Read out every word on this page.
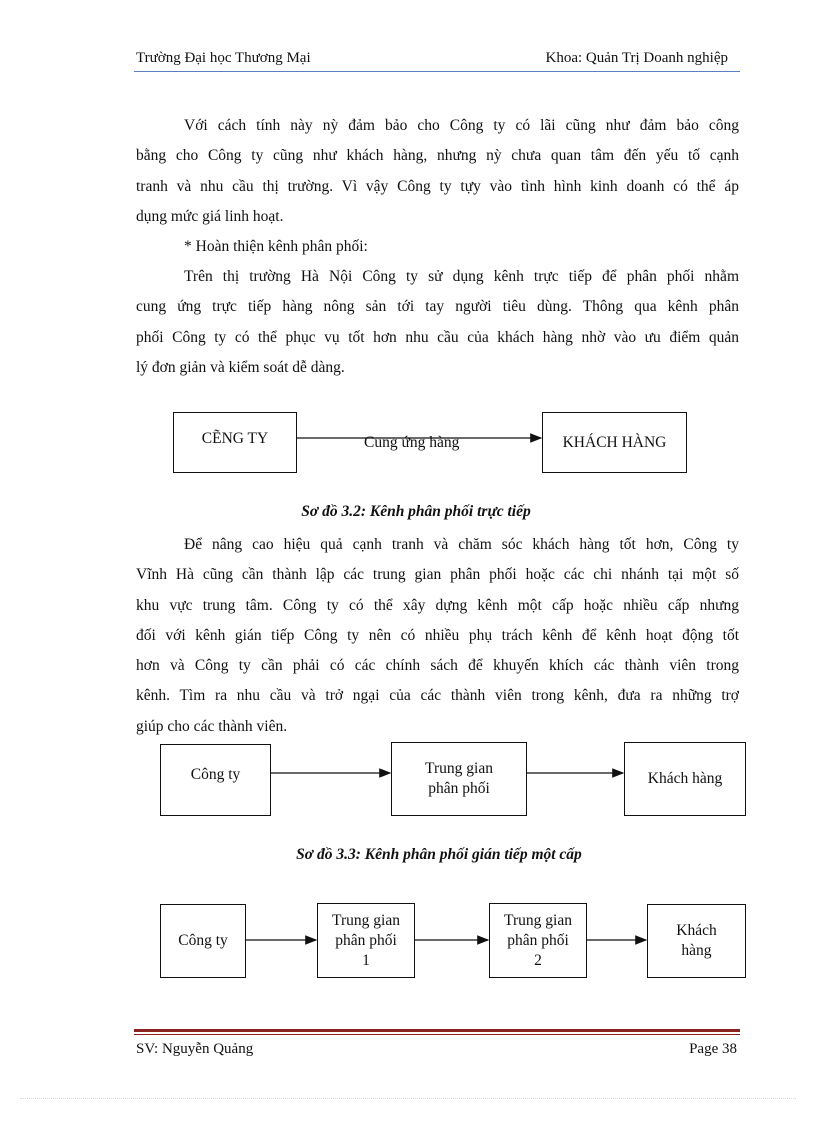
Trường Đại học Thương Mại	Khoa: Quản Trị Doanh nghiệp
Với cách tính này nỳ đảm bảo cho Công ty có lãi cũng như đảm bảo công
bằng cho Công ty cũng như khách hàng, nhưng nỳ chưa quan tâm đến yếu tố cạnh
tranh và nhu cầu thị trường. Vì vậy Công ty tựy vào tình hình kinh doanh có thể áp
dụng mức giá linh hoạt.
* Hoàn thiện kênh phân phối:
Trên thị trường Hà Nội Công ty sử dụng kênh trực tiếp để phân phối nhằm
cung ứng trực tiếp hàng nông sản tới tay người tiêu dùng. Thông qua kênh phân
phối Công ty có thể phục vụ tốt hơn nhu cầu của khách hàng nhờ vào ưu điểm quản
lý đơn giản và kiểm soát dễ dàng.
CẼNG TY	Cung ứng hàng	KHÁCH HÀNG
Sơ đồ 3.2: Kênh phân phối trực tiếp
Để nâng cao hiệu quả cạnh tranh và chăm sóc khách hàng tốt hơn, Công ty
Vĩnh Hà cũng cần thành lập các trung gian phân phối hoặc các chi nhánh tại một số
khu vực trung tâm. Công ty có thể xây dựng kênh một cấp hoặc nhiều cấp nhưng
đối với kênh gián tiếp Công ty nên có nhiều phụ trách kênh để kênh hoạt động tốt
hơn và Công ty cần phải có các chính sách để khuyến khích các thành viên trong
kênh. Tìm ra nhu cầu và trở ngại của các thành viên trong kênh, đưa ra những trợ
giúp cho các thành viên.
Công ty	Trung gian
phân phối
Khách hàng
Sơ đồ 3.3: Kênh phân phối gián tiếp một cấp
Công ty
Trung gian
phân phối
1
Trung gian
phân phối
2
Khách
hàng
SV: Nguyễn Quảng	Page 38
